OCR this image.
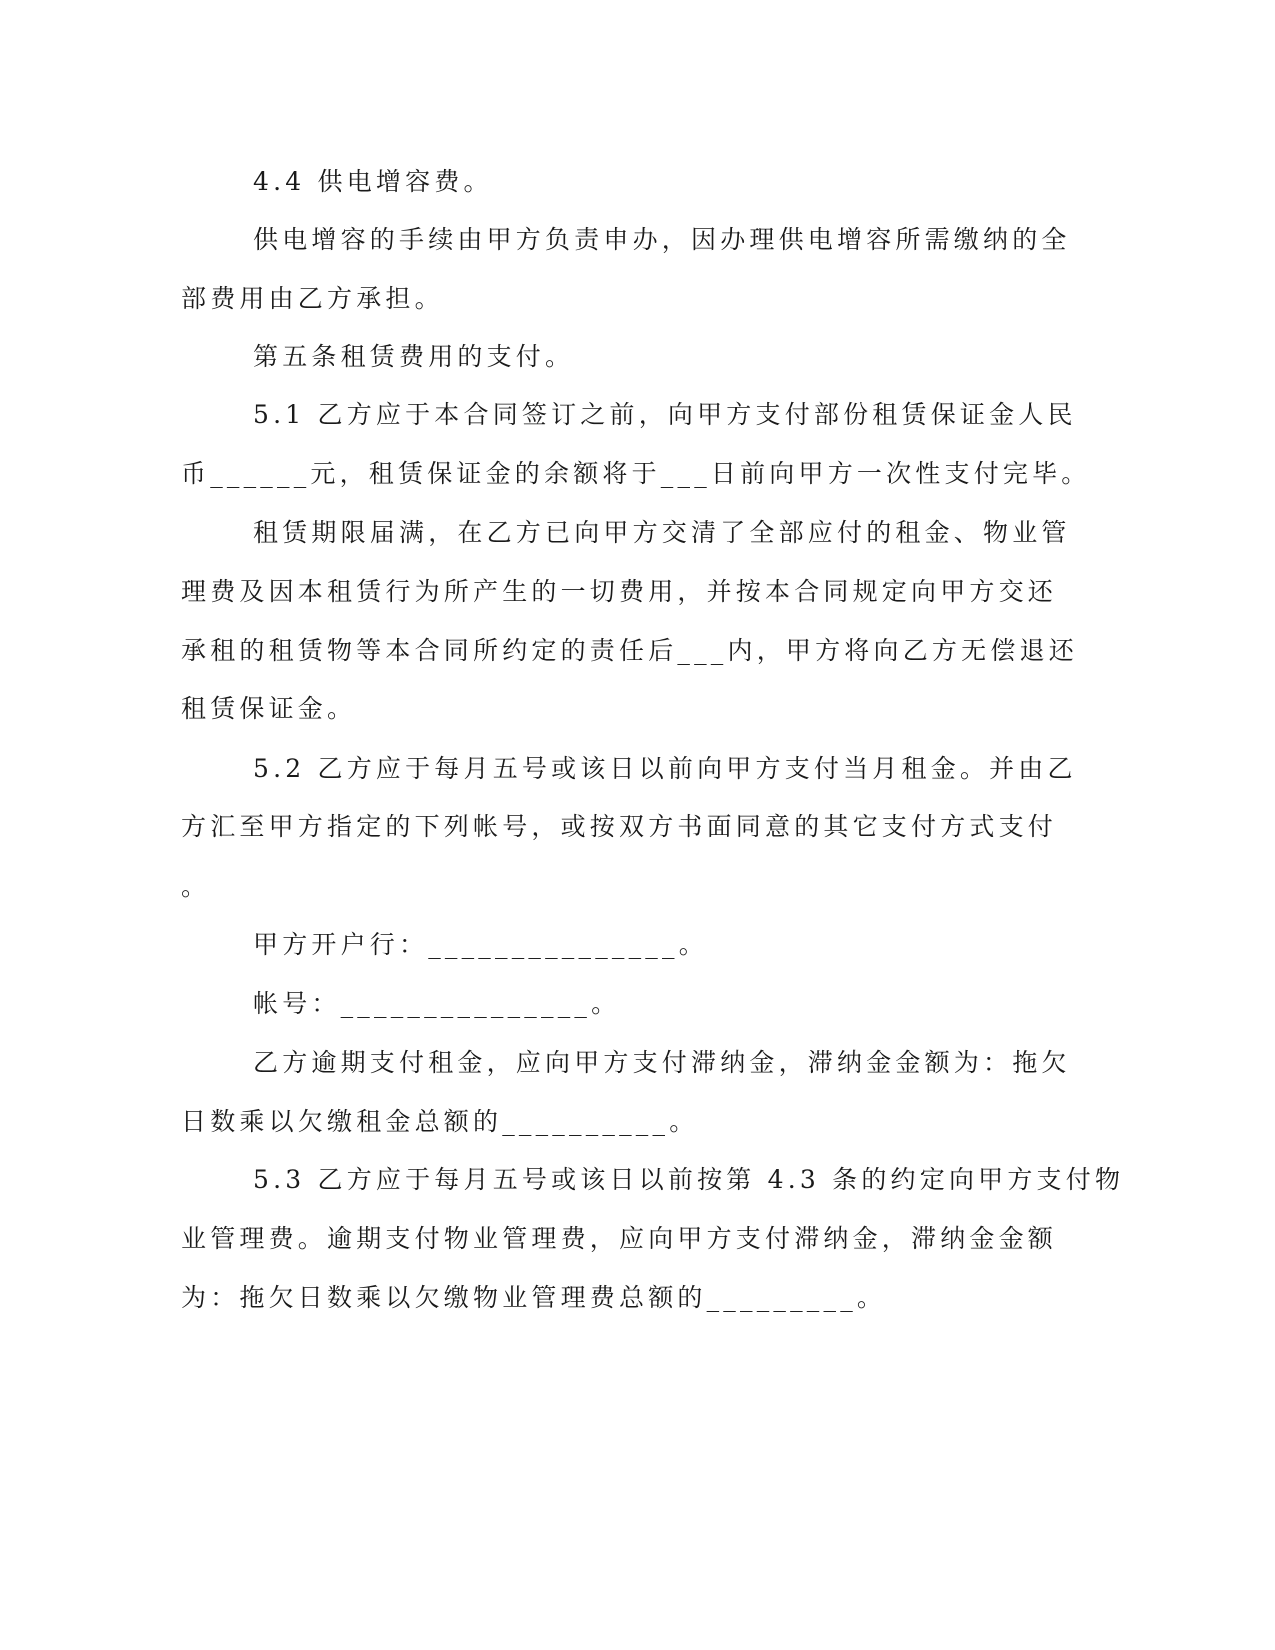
4.4 供电增容费。
供电增容的手续由甲方负责申办，因办理供电增容所需缴纳的全
部费用由乙方承担。
第五条租赁费用的支付。
5.1 乙方应于本合同签订之前，向甲方支付部份租赁保证金人民
币______元，租赁保证金的余额将于___日前向甲方一次性支付完毕。
租赁期限届满，在乙方已向甲方交清了全部应付的租金、物业管
理费及因本租赁行为所产生的一切费用，并按本合同规定向甲方交还
承租的租赁物等本合同所约定的责任后___内，甲方将向乙方无偿退还
租赁保证金。
5.2 乙方应于每月五号或该日以前向甲方支付当月租金。并由乙
方汇至甲方指定的下列帐号，或按双方书面同意的其它支付方式支付
。
甲方开户行：_______________。
帐号：_______________。
乙方逾期支付租金，应向甲方支付滞纳金，滞纳金金额为：拖欠
日数乘以欠缴租金总额的__________。
5.3 乙方应于每月五号或该日以前按第 4.3 条的约定向甲方支付物
业管理费。逾期支付物业管理费，应向甲方支付滞纳金，滞纳金金额
为：拖欠日数乘以欠缴物业管理费总额的_________。
